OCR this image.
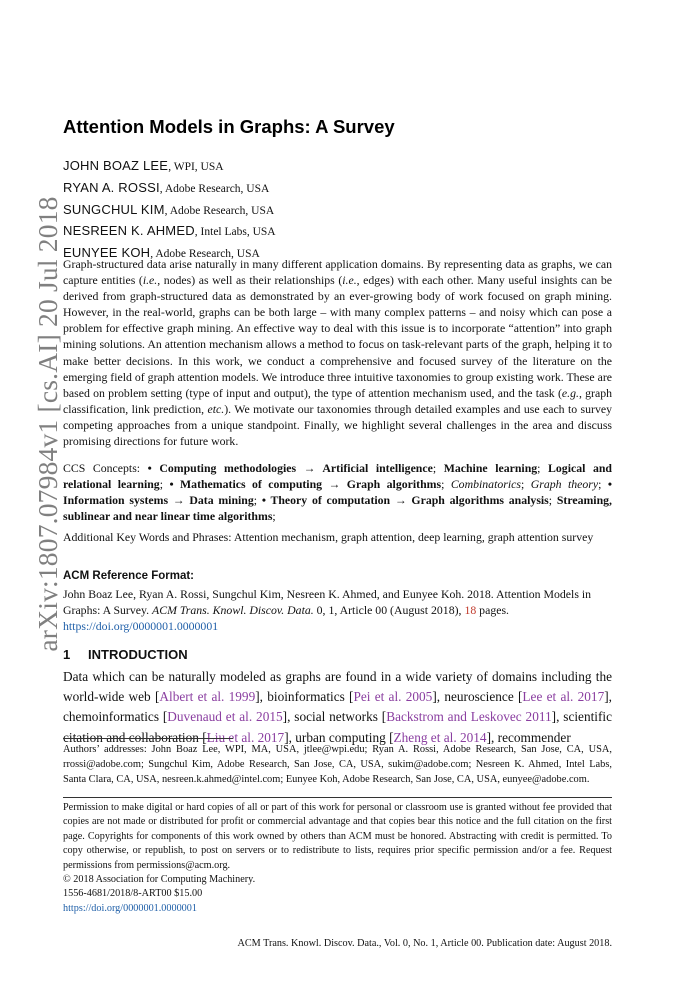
arXiv:1807.07984v1 [cs.AI] 20 Jul 2018
Attention Models in Graphs: A Survey
JOHN BOAZ LEE, WPI, USA
RYAN A. ROSSI, Adobe Research, USA
SUNGCHUL KIM, Adobe Research, USA
NESREEN K. AHMED, Intel Labs, USA
EUNYEE KOH, Adobe Research, USA

Graph-structured data arise naturally in many different application domains. By representing data as graphs, we can capture entities (i.e., nodes) as well as their relationships (i.e., edges) with each other. Many useful insights can be derived from graph-structured data as demonstrated by an ever-growing body of work focused on graph mining. However, in the real-world, graphs can be both large – with many complex patterns – and noisy which can pose a problem for effective graph mining. An effective way to deal with this issue is to incorporate “attention” into graph mining solutions. An attention mechanism allows a method to focus on task-relevant parts of the graph, helping it to make better decisions. In this work, we conduct a comprehensive and focused survey of the literature on the emerging field of graph attention models. We introduce three intuitive taxonomies to group existing work. These are based on problem setting (type of input and output), the type of attention mechanism used, and the task (e.g., graph classification, link prediction, etc.). We motivate our taxonomies through detailed examples and use each to survey competing approaches from a unique standpoint. Finally, we highlight several challenges in the area and discuss promising directions for future work.

CCS Concepts: • Computing methodologies → Artificial intelligence; Machine learning; Logical and relational learning; • Mathematics of computing → Graph algorithms; Combinatorics; Graph theory; • Information systems → Data mining; • Theory of computation → Graph algorithms analysis; Streaming, sublinear and near linear time algorithms;

Additional Key Words and Phrases: Attention mechanism, graph attention, deep learning, graph attention survey

ACM Reference Format:

John Boaz Lee, Ryan A. Rossi, Sungchul Kim, Nesreen K. Ahmed, and Eunyee Koh. 2018. Attention Models in Graphs: A Survey. ACM Trans. Knowl. Discov. Data. 0, 1, Article 00 (August 2018), 18 pages. https://doi.org/0000001.0000001

1 INTRODUCTION

Data which can be naturally modeled as graphs are found in a wide variety of domains including the world-wide web [Albert et al. 1999], bioinformatics [Pei et al. 2005], neuroscience [Lee et al. 2017], chemoinformatics [Duvenaud et al. 2015], social networks [Backstrom and Leskovec 2011], scientific citation and collaboration [Liu et al. 2017], urban computing [Zheng et al. 2014], recommender

Authors’ addresses: John Boaz Lee, WPI, MA, USA, jtlee@wpi.edu; Ryan A. Rossi, Adobe Research, San Jose, CA, USA, rrossi@adobe.com; Sungchul Kim, Adobe Research, San Jose, CA, USA, sukim@adobe.com; Nesreen K. Ahmed, Intel Labs, Santa Clara, CA, USA, nesreen.k.ahmed@intel.com; Eunyee Koh, Adobe Research, San Jose, CA, USA, eunyee@adobe.com.

Permission to make digital or hard copies of all or part of this work for personal or classroom use is granted without fee provided that copies are not made or distributed for profit or commercial advantage and that copies bear this notice and the full citation on the first page. Copyrights for components of this work owned by others than ACM must be honored. Abstracting with credit is permitted. To copy otherwise, or republish, to post on servers or to redistribute to lists, requires prior specific permission and/or a fee. Request permissions from permissions@acm.org.

© 2018 Association for Computing Machinery.
1556-4681/2018/8-ART00 $15.00
https://doi.org/0000001.0000001

ACM Trans. Knowl. Discov. Data., Vol. 0, No. 1, Article 00. Publication date: August 2018.
